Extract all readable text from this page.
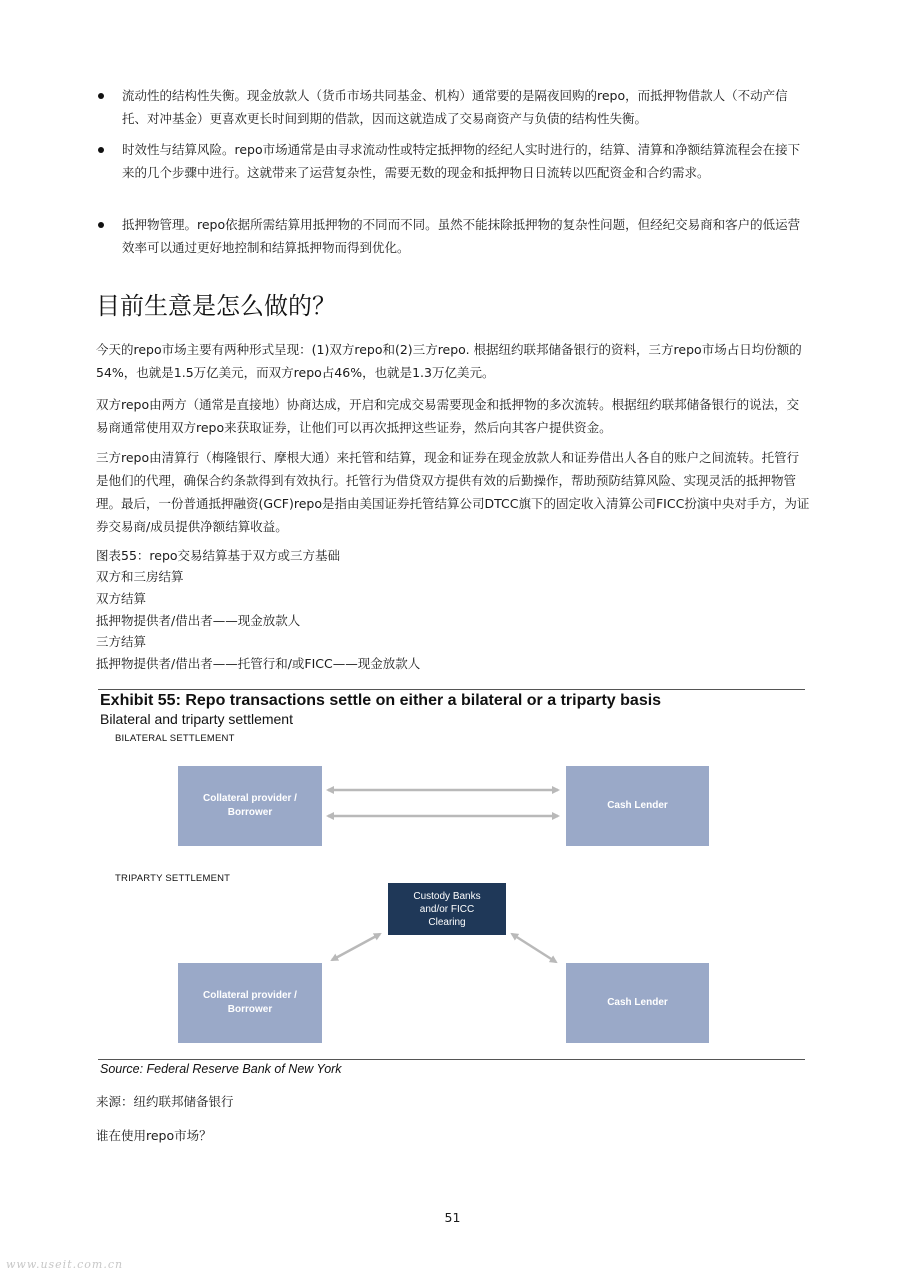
流动性的结构性失衡。现金放款人（货币市场共同基金、机构）通常要的是隔夜回购的repo，而抵押物借款人（不动产信托、对冲基金）更喜欢更长时间到期的借款，因而这就造成了交易商资产与负债的结构性失衡。
时效性与结算风险。repo市场通常是由寻求流动性或特定抵押物的经纪人实时进行的，结算、清算和净额结算流程会在接下来的几个步骤中进行。这就带来了运营复杂性，需要无数的现金和抵押物日日流转以匹配资金和合约需求。
抵押物管理。repo依据所需结算用抵押物的不同而不同。虽然不能抹除抵押物的复杂性问题，但经纪交易商和客户的低运营效率可以通过更好地控制和结算抵押物而得到优化。
目前生意是怎么做的？
今天的repo市场主要有两种形式呈现：(1)双方repo和(2)三方repo. 根据纽约联邦储备银行的资料，三方repo市场占日均份额的54%，也就是1.5万亿美元，而双方repo占46%，也就是1.3万亿美元。
双方repo由两方（通常是直接地）协商达成，开启和完成交易需要现金和抵押物的多次流转。根据纽约联邦储备银行的说法，交易商通常使用双方repo来获取证券，让他们可以再次抵押这些证券，然后向其客户提供资金。
三方repo由清算行（梅隆银行、摩根大通）来托管和结算，现金和证券在现金放款人和证券借出人各自的账户之间流转。托管行是他们的代理，确保合约条款得到有效执行。托管行为借贷双方提供有效的后勤操作，帮助预防结算风险、实现灵活的抵押物管理。最后，一份普通抵押融资(GCF)repo是指由美国证券托管结算公司DTCC旗下的固定收入清算公司FICC扮演中央对手方，为证券交易商/成员提供净额结算收益。
图表55：repo交易结算基于双方或三方基础
双方和三房结算
双方结算
抵押物提供者/借出者——现金放款人
三方结算
抵押物提供者/借出者——托管行和/或FICC——现金放款人
Exhibit 55: Repo transactions settle on either a bilateral or a triparty basis
Bilateral and triparty settlement
BILATERAL SETTLEMENT
Collateral provider / Borrower
Cash Lender
TRIPARTY SETTLEMENT
Custody Banks and/or FICC Clearing
Collateral provider / Borrower
Cash Lender
Source: Federal Reserve Bank of New York
来源：纽约联邦储备银行
谁在使用repo市场？
51
www.useit.com.cn
